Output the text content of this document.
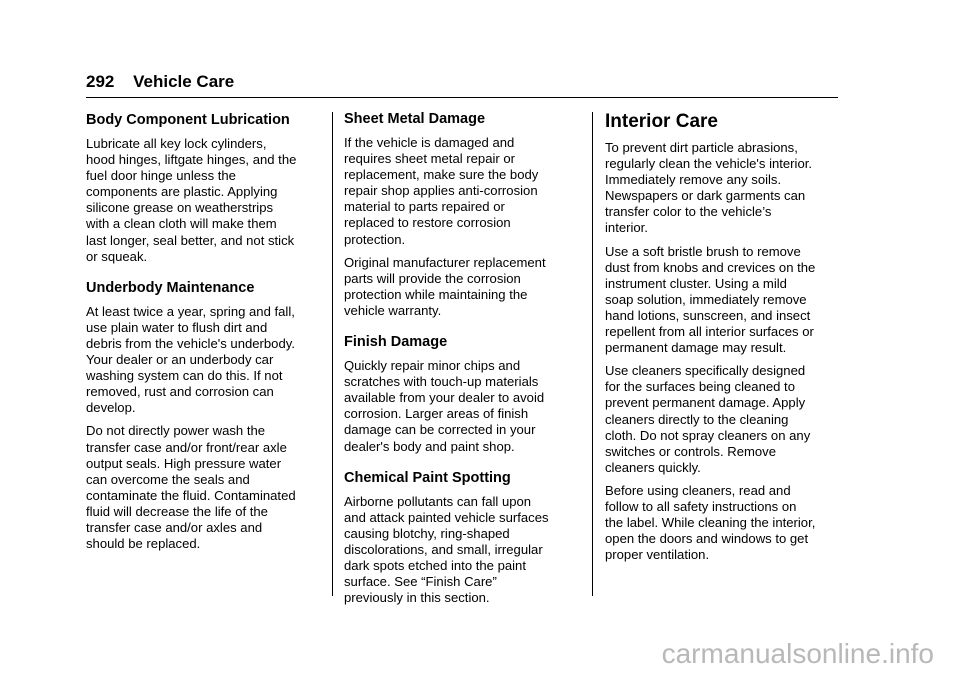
292 Vehicle Care
Body Component Lubrication

Lubricate all key lock cylinders,
hood hinges, liftgate hinges, and the
fuel door hinge unless the
components are plastic. Applying
silicone grease on weatherstrips
with a clean cloth will make them
last longer, seal better, and not stick
or squeak.

Underbody Maintenance

At least twice a year, spring and fall,
use plain water to flush dirt and
debris from the vehicle's underbody.
Your dealer or an underbody car
washing system can do this. If not
removed, rust and corrosion can
develop.

Do not directly power wash the
transfer case and/or front/rear axle
output seals. High pressure water
can overcome the seals and
contaminate the fluid. Contaminated
fluid will decrease the life of the
transfer case and/or axles and
should be replaced.

Sheet Metal Damage

If the vehicle is damaged and
requires sheet metal repair or
replacement, make sure the body
repair shop applies anti-corrosion
material to parts repaired or
replaced to restore corrosion
protection.

Original manufacturer replacement
parts will provide the corrosion
protection while maintaining the
vehicle warranty.

Finish Damage

Quickly repair minor chips and
scratches with touch-up materials
available from your dealer to avoid
corrosion. Larger areas of finish
damage can be corrected in your
dealer's body and paint shop.

Chemical Paint Spotting

Airborne pollutants can fall upon
and attack painted vehicle surfaces
causing blotchy, ring-shaped
discolorations, and small, irregular
dark spots etched into the paint
surface. See “Finish Care”
previously in this section.

Interior Care

To prevent dirt particle abrasions,
regularly clean the vehicle's interior.
Immediately remove any soils.
Newspapers or dark garments can
transfer color to the vehicle’s
interior.

Use a soft bristle brush to remove
dust from knobs and crevices on the
instrument cluster. Using a mild
soap solution, immediately remove
hand lotions, sunscreen, and insect
repellent from all interior surfaces or
permanent damage may result.

Use cleaners specifically designed
for the surfaces being cleaned to
prevent permanent damage. Apply
cleaners directly to the cleaning
cloth. Do not spray cleaners on any
switches or controls. Remove
cleaners quickly.

Before using cleaners, read and
follow to all safety instructions on
the label. While cleaning the interior,
open the doors and windows to get
proper ventilation.

carmanualsonline.info
